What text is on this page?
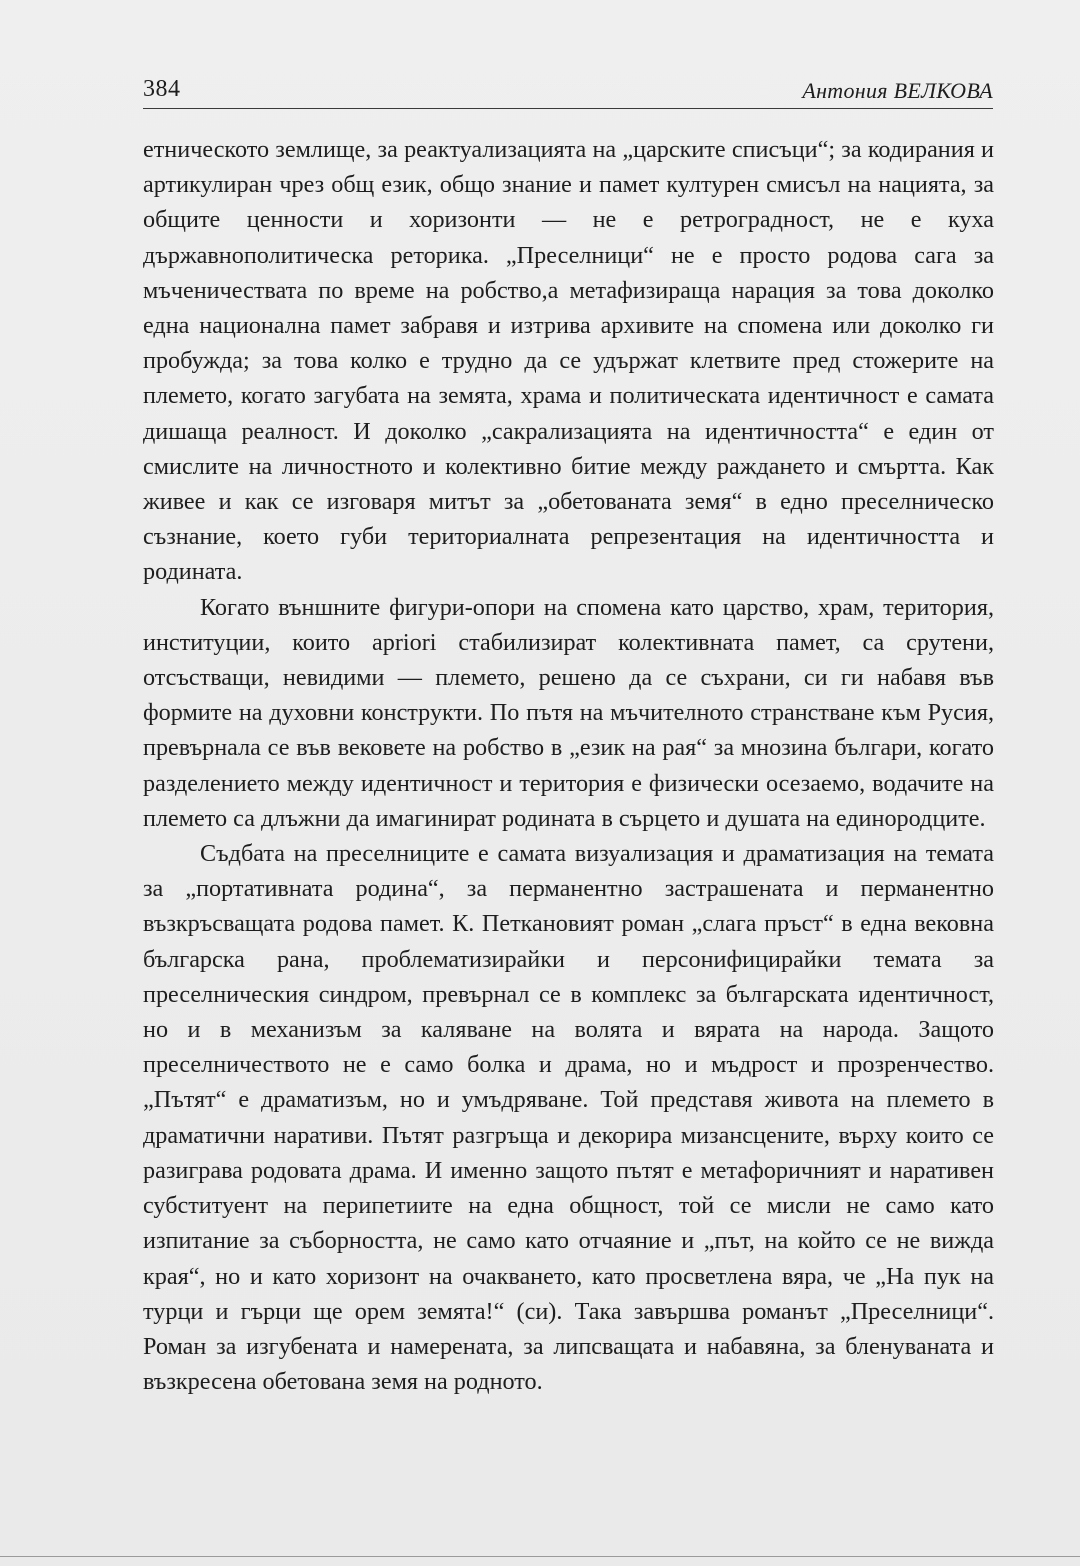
384	Антония ВЕЛКОВА

етническото землище, за реактуализацията на „царските списъци“; за кодирания и артикулиран чрез общ език, общо знание и памет културен смисъл на нацията, за общите ценности и хоризонти — не е ретроградност, не е куха държавнополитическа реторика. „Преселници“ не е просто родова сага за мъченичествата по време на робство,а метафизираща нарация за това доколко една национална памет забравя и изтрива архивите на спомена или доколко ги пробужда; за това колко е трудно да се удържат клетвите пред стожерите на племето, когато загубата на земята, храма и политическата идентичност е самата дишаща реалност. И доколко „сакрализацията на идентичността“ е един от смислите на личностното и колективно битие между раждането и смъртта. Как живее и как се изговаря митът за „обетованата земя“ в едно преселническо съзнание, което губи териториалната репрезентация на идентичността и родината.

Когато външните фигури-опори на спомена като царство, храм, територия, институции, които apriori стабилизират колективната памет, са срутени, отсъстващи, невидими — племето, решено да се съхрани, си ги набавя във формите на духовни конструкти. По пътя на мъчителното странстване към Русия, превърнала се във вековете на робство в „език на рая“ за мнозина българи, когато разделението между идентичност и територия е физически осезаемо, водачите на племето са длъжни да имагинират родината в сърцето и душата на единородците.

Съдбата на преселниците е самата визуализация и драматизация на темата за „портативната родина“, за перманентно застрашената и перманентно възкръсващата родова памет. К. Петкановият роман „слага пръст“ в една вековна българска рана, проблематизирайки и персонифицирайки темата за преселническия синдром, превърнал се в комплекс за българската идентичност, но и в механизъм за каляване на волята и вярата на народа. Защото преселничеството не е само болка и драма, но и мъдрост и прозренчество. „Пътят“ е драматизъм, но и умъдряване. Той представя живота на племето в драматични наративи. Пътят разгръща и декорира мизансцените, върху които се разиграва родовата драма. И именно защото пътят е метафоричният и наративен субституент на перипетиите на една общност, той се мисли не само като изпитание за съборността, не само като отчаяние и „път, на който се не вижда края“, но и като хоризонт на очакването, като просветлена вяра, че „На пук на турци и гърци ще орем земята!“ (си). Така завършва романът „Преселници“. Роман за изгубената и намерената, за липсващата и набавяна, за бленуваната и възкресена обетована земя на родното.
